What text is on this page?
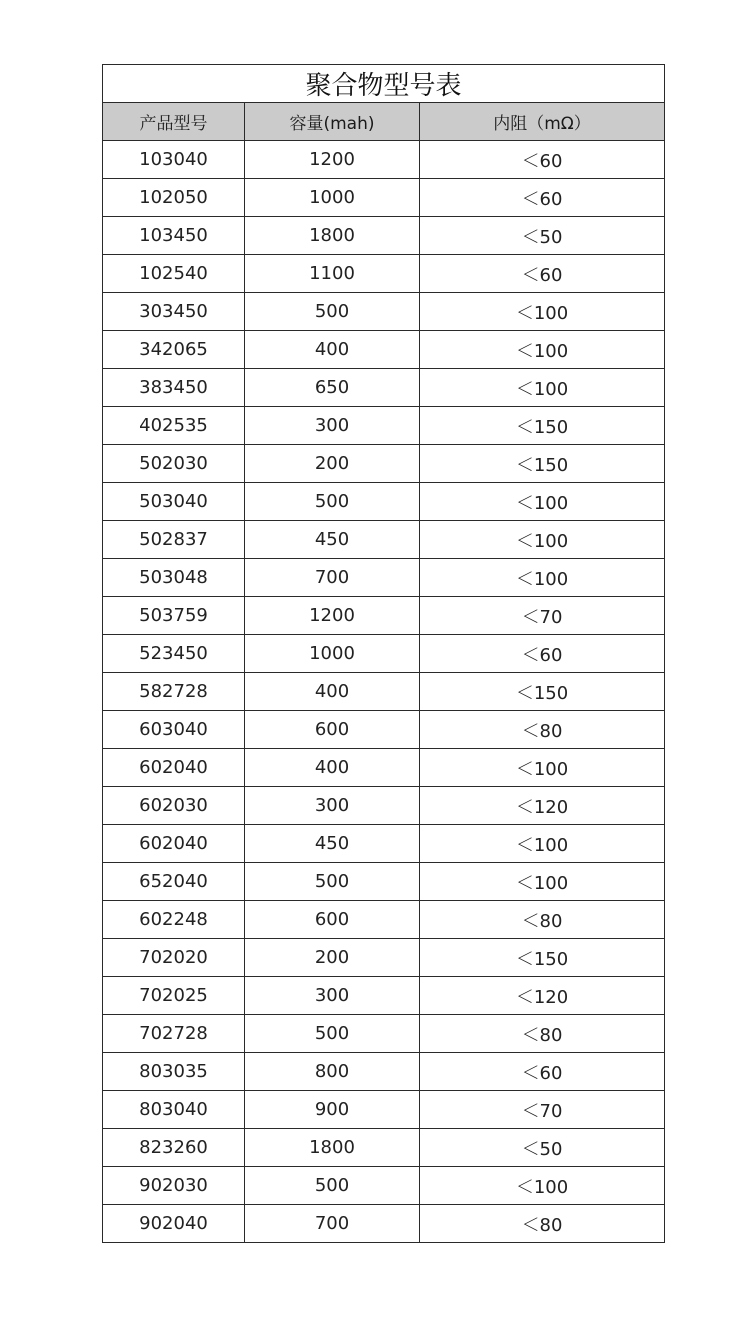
聚合物型号表		
产品型号	容量(mah)	内阻（mΩ）
103040	1200	＜60
102050	1000	＜60
103450	1800	＜50
102540	1100	＜60
303450	500	＜100
342065	400	＜100
383450	650	＜100
402535	300	＜150
502030	200	＜150
503040	500	＜100
502837	450	＜100
503048	700	＜100
503759	1200	＜70
523450	1000	＜60
582728	400	＜150
603040	600	＜80
602040	400	＜100
602030	300	＜120
602040	450	＜100
652040	500	＜100
602248	600	＜80
702020	200	＜150
702025	300	＜120
702728	500	＜80
803035	800	＜60
803040	900	＜70
823260	1800	＜50
902030	500	＜100
902040	700	＜80
